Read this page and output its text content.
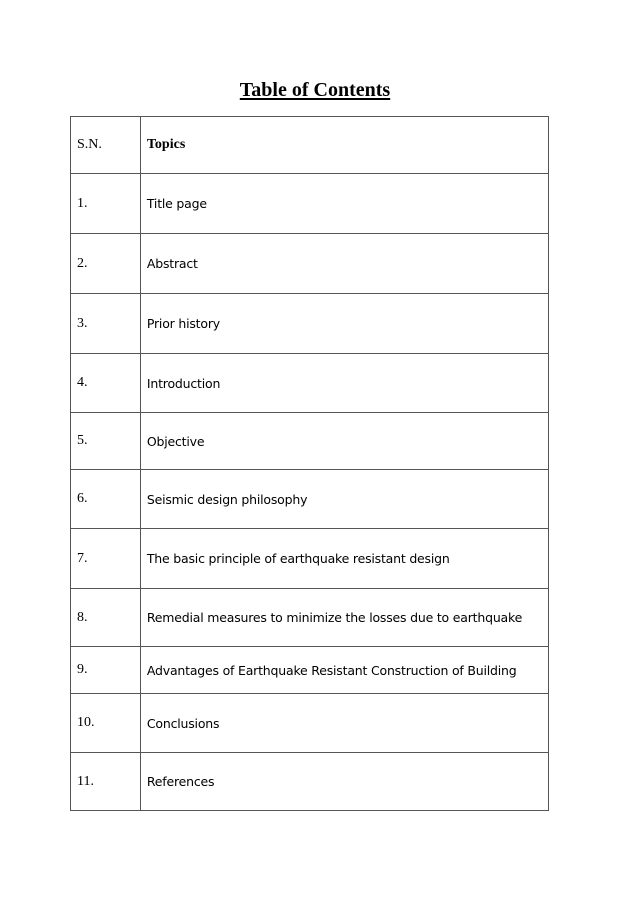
Table of Contents
S.N.	Topics
1.	Title page
2.	Abstract
3.	Prior history
4.	Introduction
5.	Objective
6.	Seismic design philosophy
7.	The basic principle of earthquake resistant design
8.	Remedial measures to minimize the losses due to earthquake
9.	Advantages of Earthquake Resistant Construction of Building
10.	Conclusions
11.	References
